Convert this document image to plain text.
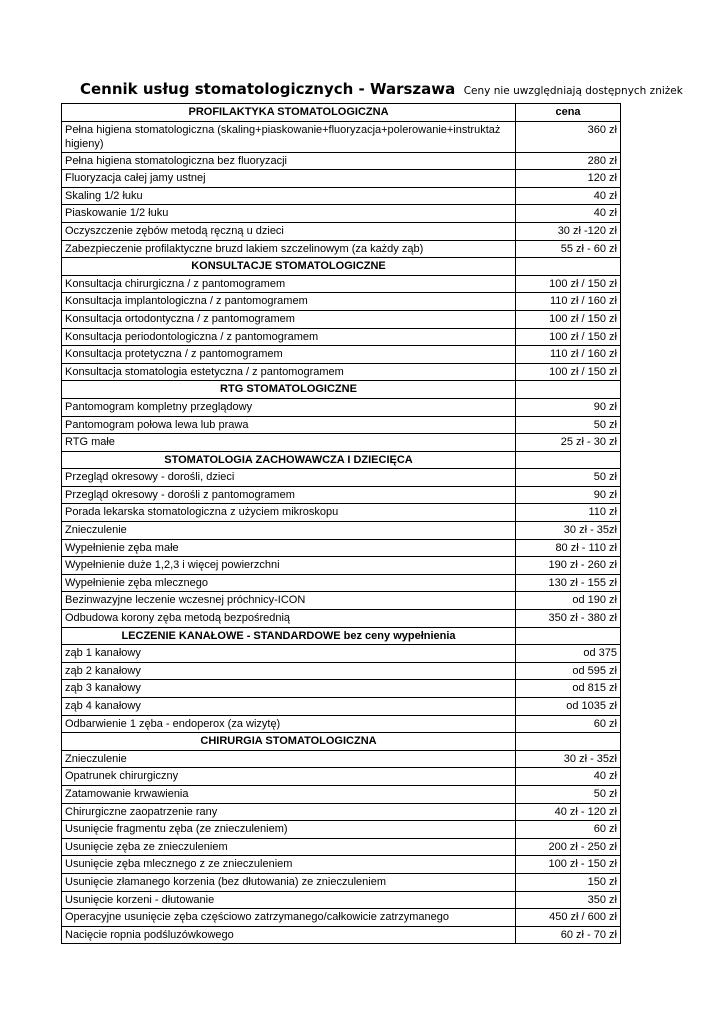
Cennik usług stomatologicznych - Warszawa Ceny nie uwzględniają dostępnych zniżek
PROFILAKTYKA STOMATOLOGICZNA	cena
Pełna higiena stomatologiczna (skaling+piaskowanie+fluoryzacja+polerowanie+instruktaż higieny)	360 zł
Pełna higiena stomatologiczna bez fluoryzacji	280 zł
Fluoryzacja całej jamy ustnej	120 zł
Skaling 1/2 łuku	40 zł
Piaskowanie 1/2 łuku	40 zł
Oczyszczenie zębów metodą ręczną u dzieci	30 zł -120 zł
Zabezpieczenie profilaktyczne bruzd lakiem szczelinowym (za każdy ząb)	55 zł - 60 zł
KONSULTACJE STOMATOLOGICZNE	
Konsultacja chirurgiczna / z pantomogramem	100 zł / 150 zł
Konsultacja implantologiczna / z pantomogramem	110 zł / 160 zł
Konsultacja ortodontyczna / z pantomogramem	100 zł / 150 zł
Konsultacja periodontologiczna / z pantomogramem	100 zł / 150 zł
Konsultacja protetyczna / z pantomogramem	110 zł / 160 zł
Konsultacja stomatologia estetyczna / z pantomogramem	100 zł / 150 zł
RTG STOMATOLOGICZNE	
Pantomogram kompletny przeglądowy	90 zł
Pantomogram połowa lewa lub prawa	50 zł
RTG małe	25 zł - 30 zł
STOMATOLOGIA ZACHOWAWCZA I DZIECIĘCA	
Przegląd okresowy - dorośli, dzieci	50 zł
Przegląd okresowy - dorośli z pantomogramem	90 zł
Porada lekarska stomatologiczna z użyciem mikroskopu	110 zł
Znieczulenie	30 zł - 35zł
Wypełnienie zęba małe	80 zł - 110 zł
Wypełnienie duże 1,2,3 i więcej powierzchni	190 zł - 260 zł
Wypełnienie zęba mlecznego	130 zł - 155 zł
Bezinwazyjne leczenie wczesnej próchnicy-ICON	od 190 zł
Odbudowa korony zęba metodą bezpośrednią	350 zł - 380 zł
LECZENIE KANAŁOWE - STANDARDOWE bez ceny wypełnienia	
ząb 1 kanałowy	od 375
ząb 2 kanałowy	od 595 zł
ząb 3 kanałowy	od 815 zł
ząb 4 kanałowy	od 1035 zł
Odbarwienie 1 zęba - endoperox (za wizytę)	60 zł
CHIRURGIA STOMATOLOGICZNA	
Znieczulenie	30 zł - 35zł
Opatrunek chirurgiczny	40 zł
Zatamowanie krwawienia	50 zł
Chirurgiczne zaopatrzenie rany	40 zł - 120 zł
Usunięcie fragmentu zęba (ze znieczuleniem)	60 zł
Usunięcie zęba ze znieczuleniem	200 zł - 250 zł
Usunięcie zęba mlecznego z ze znieczuleniem	100 zł - 150 zł
Usunięcie złamanego korzenia (bez dłutowania) ze znieczuleniem	150 zł
Usunięcie korzeni - dłutowanie	350 zł
Operacyjne usunięcie zęba częściowo zatrzymanego/całkowicie zatrzymanego	450 zł / 600 zł
Nacięcie ropnia podśluzówkowego	60 zł - 70 zł
